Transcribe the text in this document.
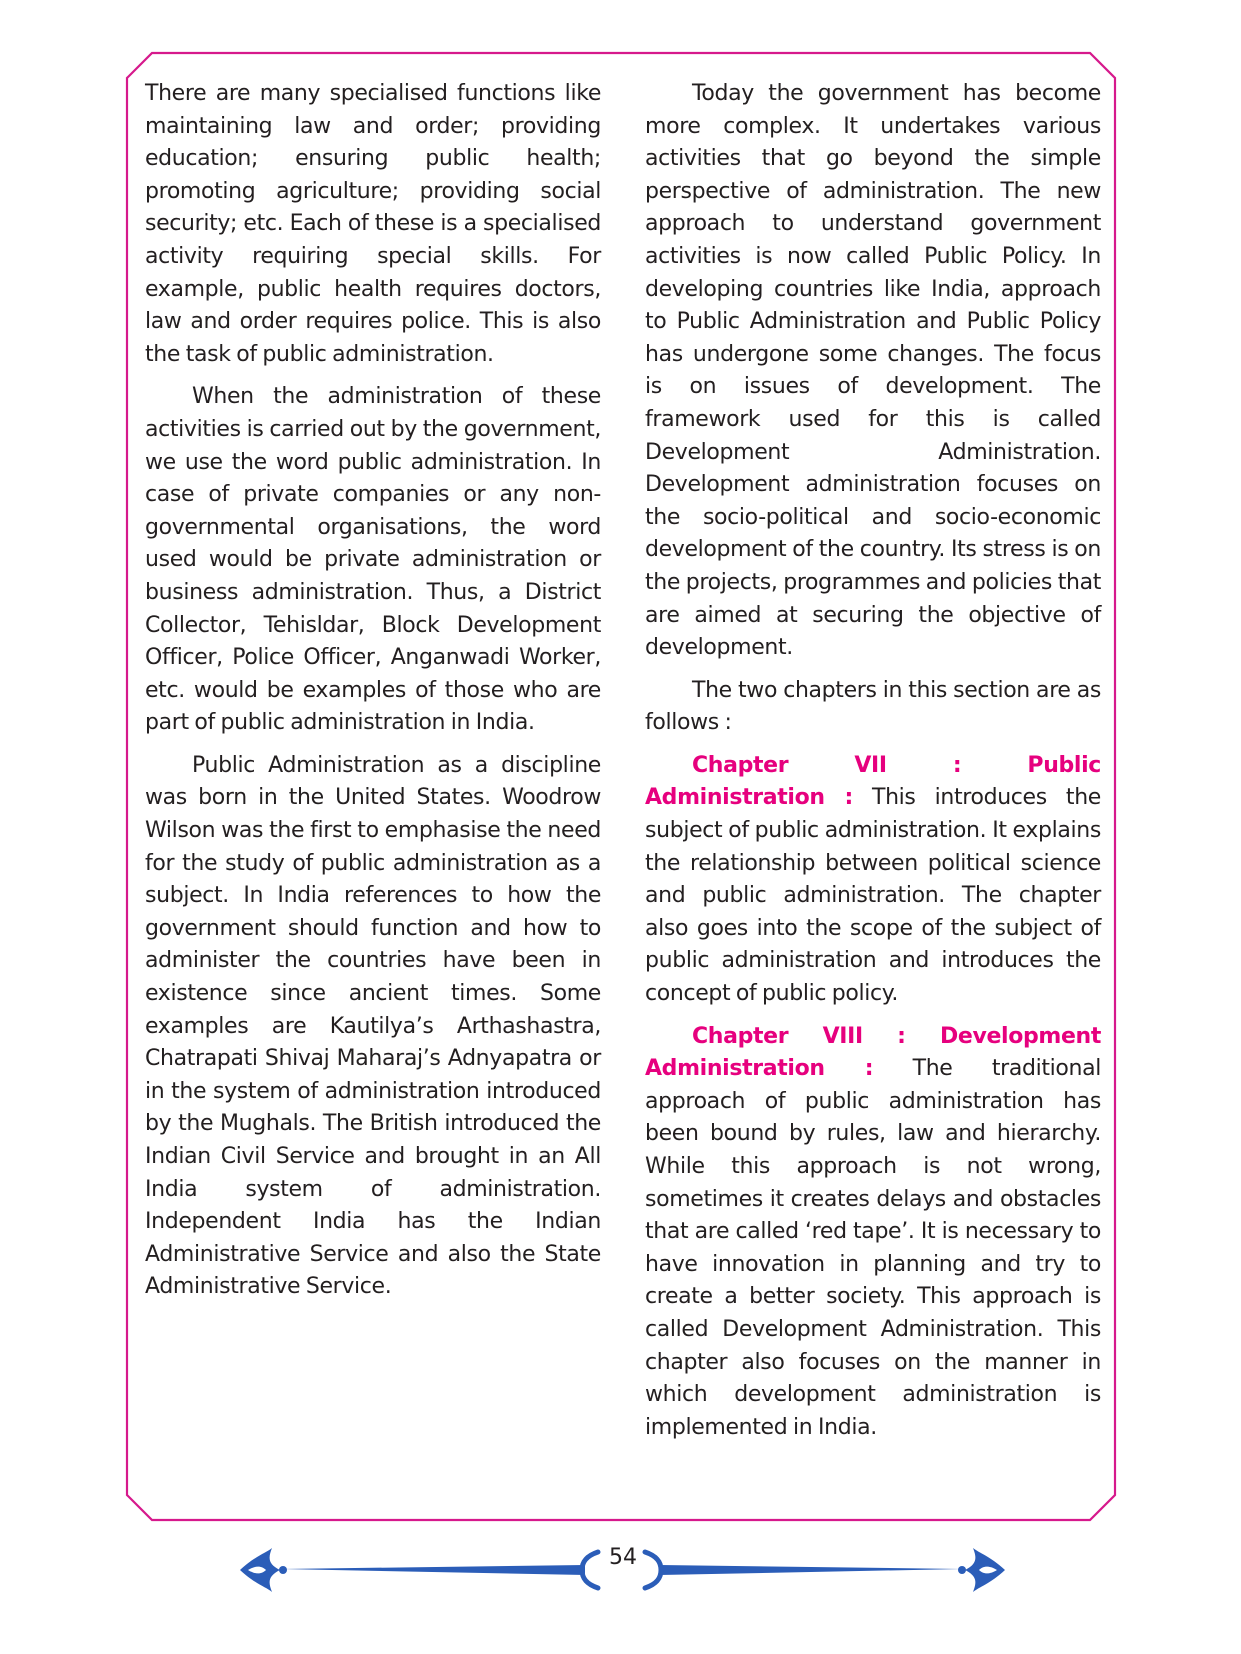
There are many specialised functions like maintaining law and order; providing education; ensuring public health; promoting agriculture; providing social security; etc. Each of these is a specialised activity requiring special skills. For example, public health requires doctors, law and order requires police. This is also the task of public administration.

When the administration of these activities is carried out by the government, we use the word public administration. In case of private companies or any non-governmental organisations, the word used would be private administration or business administration. Thus, a District Collector, Tehisldar, Block Development Officer, Police Officer, Anganwadi Worker, etc. would be examples of those who are part of public administration in India.

Public Administration as a discipline was born in the United States. Woodrow Wilson was the first to emphasise the need for the study of public administration as a subject. In India references to how the government should function and how to administer the countries have been in existence since ancient times. Some examples are Kautilya’s Arthashastra, Chatrapati Shivaj Maharaj’s Adnyapatra or in the system of administration introduced by the Mughals. The British introduced the Indian Civil Service and brought in an All India system of administration. Independent India has the Indian Administrative Service and also the State Administrative Service.

Today the government has become more complex. It undertakes various activities that go beyond the simple perspective of administration. The new approach to understand government activities is now called Public Policy. In developing countries like India, approach to Public Administration and Public Policy has undergone some changes. The focus is on issues of development. The framework used for this is called Development Administration. Development administration focuses on the socio-political and socio-economic development of the country. Its stress is on the projects, programmes and policies that are aimed at securing the objective of development.

The two chapters in this section are as follows :

Chapter VII : Public Administration : This introduces the subject of public administration. It explains the relationship between political science and public administration. The chapter also goes into the scope of the subject of public administration and introduces the concept of public policy.

Chapter VIII : Development Administration : The traditional approach of public administration has been bound by rules, law and hierarchy. While this approach is not wrong, sometimes it creates delays and obstacles that are called ‘red tape’. It is necessary to have innovation in planning and try to create a better society. This approach is called Development Administration. This chapter also focuses on the manner in which development administration is implemented in India.

54
